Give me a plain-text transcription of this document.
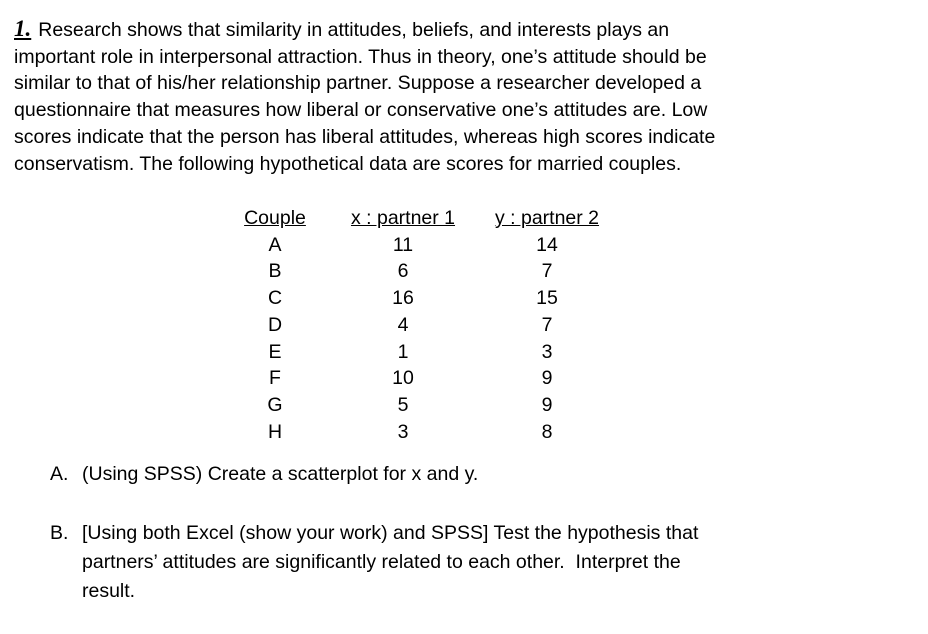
1. Research shows that similarity in attitudes, beliefs, and interests plays an
important role in interpersonal attraction. Thus in theory, one’s attitude should be
similar to that of his/her relationship partner. Suppose a researcher developed a
questionnaire that measures how liberal or conservative one’s attitudes are. Low
scores indicate that the person has liberal attitudes, whereas high scores indicate
conservatism. The following hypothetical data are scores for married couples.
Couple	x : partner 1	y : partner 2
A	11	14
B	6	7
C	16	15
D	4	7
E	1	3
F	10	9
G	5	9
H	3	8
A. (Using SPSS) Create a scatterplot for x and y.
B. [Using both Excel (show your work) and SPSS] Test the hypothesis that
partners’ attitudes are significantly related to each other.  Interpret the
result.
